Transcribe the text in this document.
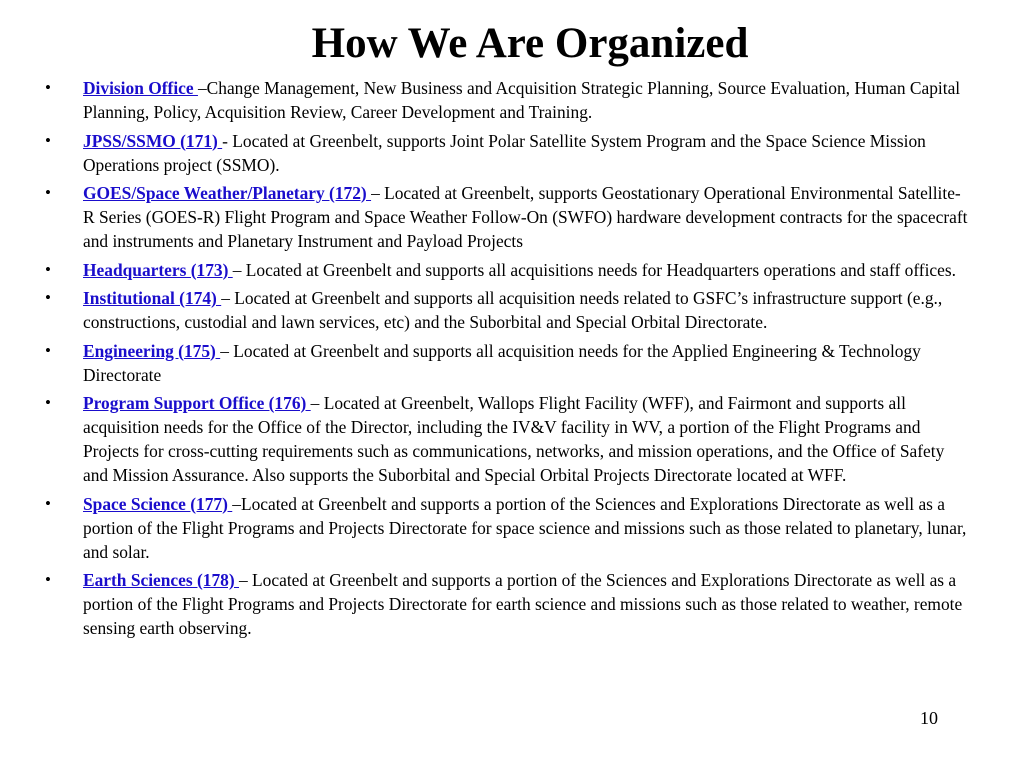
How We Are Organized
• Division Office –Change Management, New Business and Acquisition Strategic Planning, Source Evaluation, Human Capital Planning, Policy, Acquisition Review, Career Development and Training.
• JPSS/SSMO (171) - Located at Greenbelt, supports Joint Polar Satellite System Program and the Space Science Mission Operations project (SSMO).
• GOES/Space Weather/Planetary (172) – Located at Greenbelt, supports Geostationary Operational Environmental Satellite-R Series (GOES-R) Flight Program and Space Weather Follow-On (SWFO) hardware development contracts for the spacecraft and instruments and Planetary Instrument and Payload Projects
• Headquarters (173) – Located at Greenbelt and supports all acquisitions needs for Headquarters operations and staff offices.
• Institutional (174) – Located at Greenbelt and supports all acquisition needs related to GSFC’s infrastructure support (e.g., constructions, custodial and lawn services, etc) and the Suborbital and Special Orbital Directorate.
• Engineering (175) – Located at Greenbelt and supports all acquisition needs for the Applied Engineering & Technology Directorate
• Program Support Office (176) – Located at Greenbelt, Wallops Flight Facility (WFF), and Fairmont and supports all acquisition needs for the Office of the Director, including the IV&V facility in WV, a portion of the Flight Programs and Projects for cross-cutting requirements such as communications, networks, and mission operations, and the Office of Safety and Mission Assurance. Also supports the Suborbital and Special Orbital Projects Directorate located at WFF.
• Space Science (177) –Located at Greenbelt and supports a portion of the Sciences and Explorations Directorate as well as a portion of the Flight Programs and Projects Directorate for space science and missions such as those related to planetary, lunar, and solar.
• Earth Sciences (178) – Located at Greenbelt and supports a portion of the Sciences and Explorations Directorate as well as a portion of the Flight Programs and Projects Directorate for earth science and missions such as those related to weather, remote sensing earth observing.

10
